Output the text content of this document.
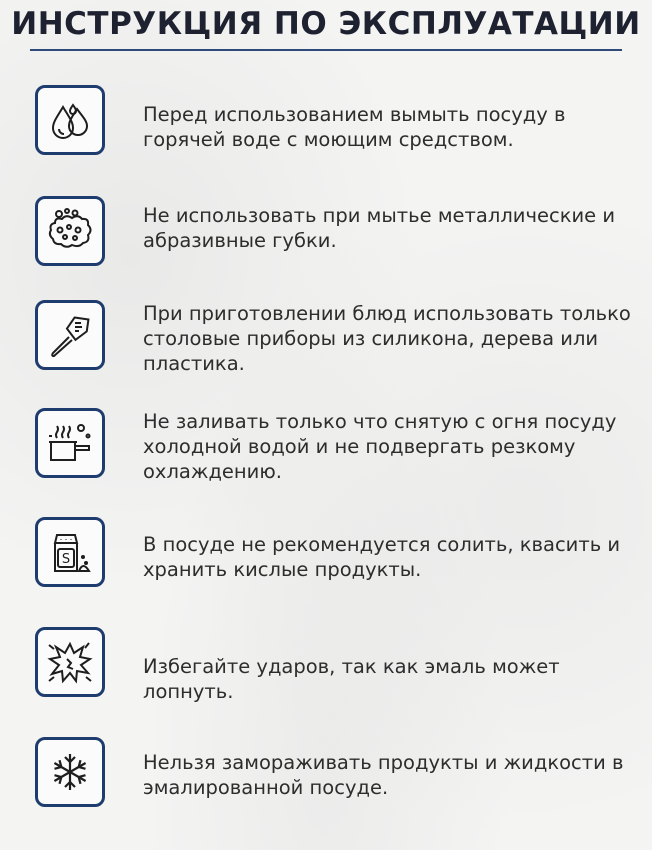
ИНСТРУКЦИЯ ПО ЭКСПЛУАТАЦИИ
Перед использованием вымыть посуду в горячей воде с моющим средством.
Не использовать при мытье металлические и абразивные губки.
При приготовлении блюд использовать только столовые приборы из силикона, дерева или пластика.
Не заливать только что снятую с огня посуду холодной водой и не подвергать резкому охлаждению.
S
В посуде не рекомендуется солить, квасить и хранить кислые продукты.
Избегайте ударов, так как эмаль может лопнуть.
Нельзя замораживать продукты и жидкости в эмалированной посуде.
